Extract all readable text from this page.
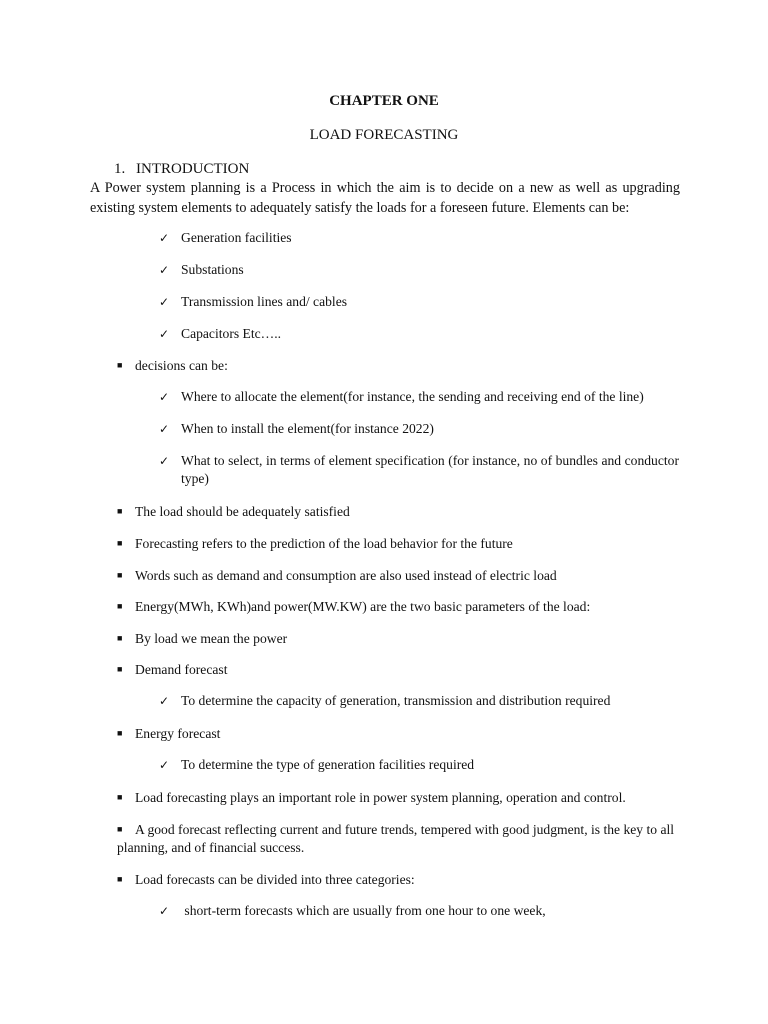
CHAPTER ONE
LOAD FORECASTING
1. INTRODUCTION
A Power system planning is a Process in which the aim is to decide on a new as well as upgrading existing system elements to adequately satisfy the loads for a foreseen future. Elements can be:
✓ Generation facilities
✓ Substations
✓ Transmission lines and/ cables
✓ Capacitors Etc…..
■ decisions can be:
✓ Where to allocate the element(for instance, the sending and receiving end of the line)
✓ When to install the element(for instance 2022)
✓ What to select, in terms of element specification (for instance, no of bundles and conductor type)
■ The load should be adequately satisfied
■ Forecasting refers to the prediction of the load behavior for the future
■ Words such as demand and consumption are also used instead of electric load
■ Energy(MWh, KWh)and power(MW.KW) are the two basic parameters of the load:
■ By load we mean the power
■ Demand forecast
✓ To determine the capacity of generation, transmission and distribution required
■ Energy forecast
✓ To determine the type of generation facilities required
■ Load forecasting plays an important role in power system planning, operation and control.
■ A good forecast reflecting current and future trends, tempered with good judgment, is the key to all planning, and of financial success.
■ Load forecasts can be divided into three categories:
✓ short-term forecasts which are usually from one hour to one week,
